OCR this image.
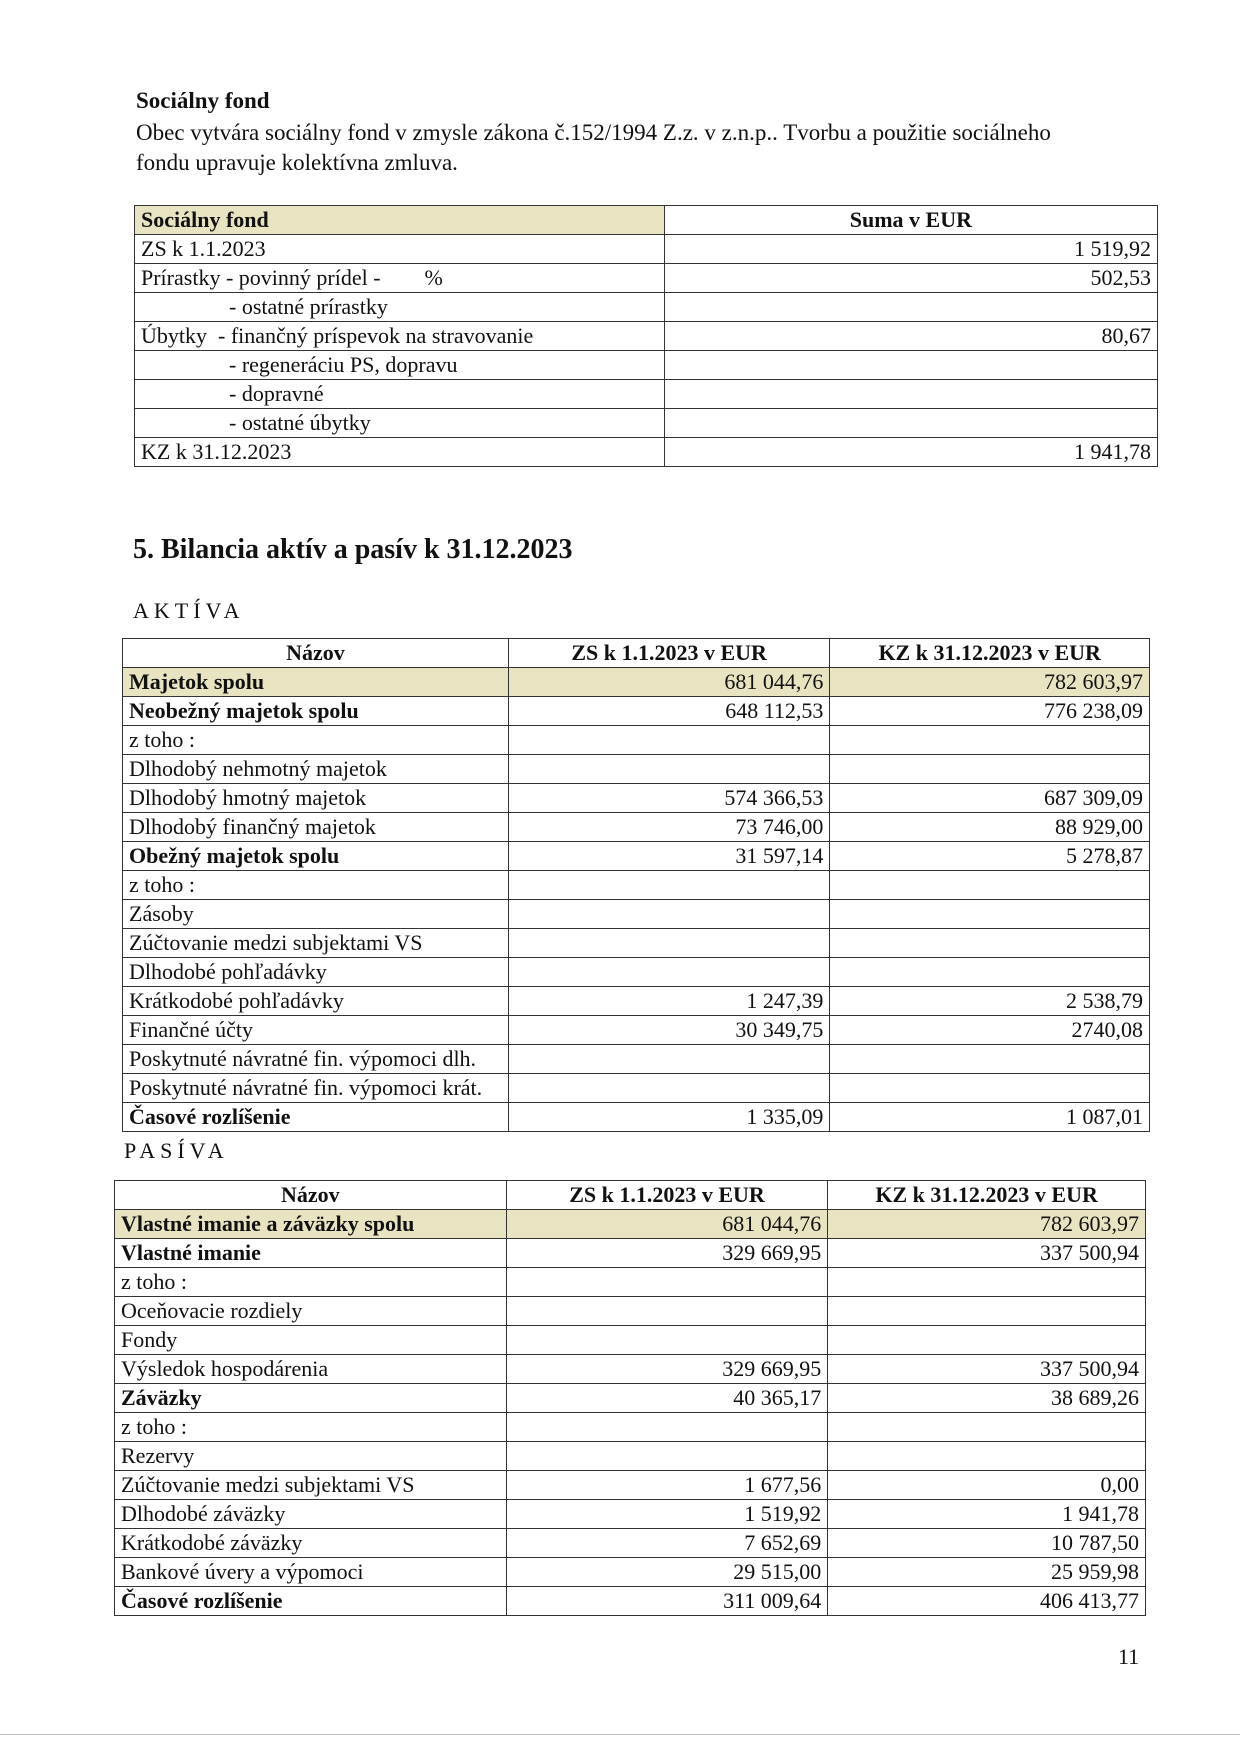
Sociálny fond
Obec vytvára sociálny fond v zmysle zákona č.152/1994 Z.z. v z.n.p.. Tvorbu a použitie sociálneho
fondu upravuje kolektívna zmluva.
Sociálny fond	Suma v EUR
ZS k 1.1.2023	1 519,92
Prírastky - povinný prídel -        %	502,53
- ostatné prírastky	
Úbytky  - finančný príspevok na stravovanie	80,67
- regeneráciu PS, dopravu	
- dopravné	
- ostatné úbytky	
KZ k 31.12.2023	1 941,78
5. Bilancia aktív a pasív k 31.12.2023
AKTÍVA
Názov	ZS k 1.1.2023 v EUR	KZ k 31.12.2023 v EUR
Majetok spolu	681 044,76	782 603,97
Neobežný majetok spolu	648 112,53	776 238,09
z toho :		
Dlhodobý nehmotný majetok		
Dlhodobý hmotný majetok	574 366,53	687 309,09
Dlhodobý finančný majetok	73 746,00	88 929,00
Obežný majetok spolu	31 597,14	5 278,87
z toho :		
Zásoby		
Zúčtovanie medzi subjektami VS		
Dlhodobé pohľadávky		
Krátkodobé pohľadávky	1 247,39	2 538,79
Finančné účty	30 349,75	2740,08
Poskytnuté návratné fin. výpomoci dlh.		
Poskytnuté návratné fin. výpomoci krát.		
Časové rozlíšenie	1 335,09	1 087,01
PASÍVA
Názov	ZS k 1.1.2023 v EUR	KZ k 31.12.2023 v EUR
Vlastné imanie a záväzky spolu	681 044,76	782 603,97
Vlastné imanie	329 669,95	337 500,94
z toho :		
Oceňovacie rozdiely		
Fondy		
Výsledok hospodárenia	329 669,95	337 500,94
Záväzky	40 365,17	38 689,26
z toho :		
Rezervy		
Zúčtovanie medzi subjektami VS	1 677,56	0,00
Dlhodobé záväzky	1 519,92	1 941,78
Krátkodobé záväzky	7 652,69	10 787,50
Bankové úvery a výpomoci	29 515,00	25 959,98
Časové rozlíšenie	311 009,64	406 413,77
11
